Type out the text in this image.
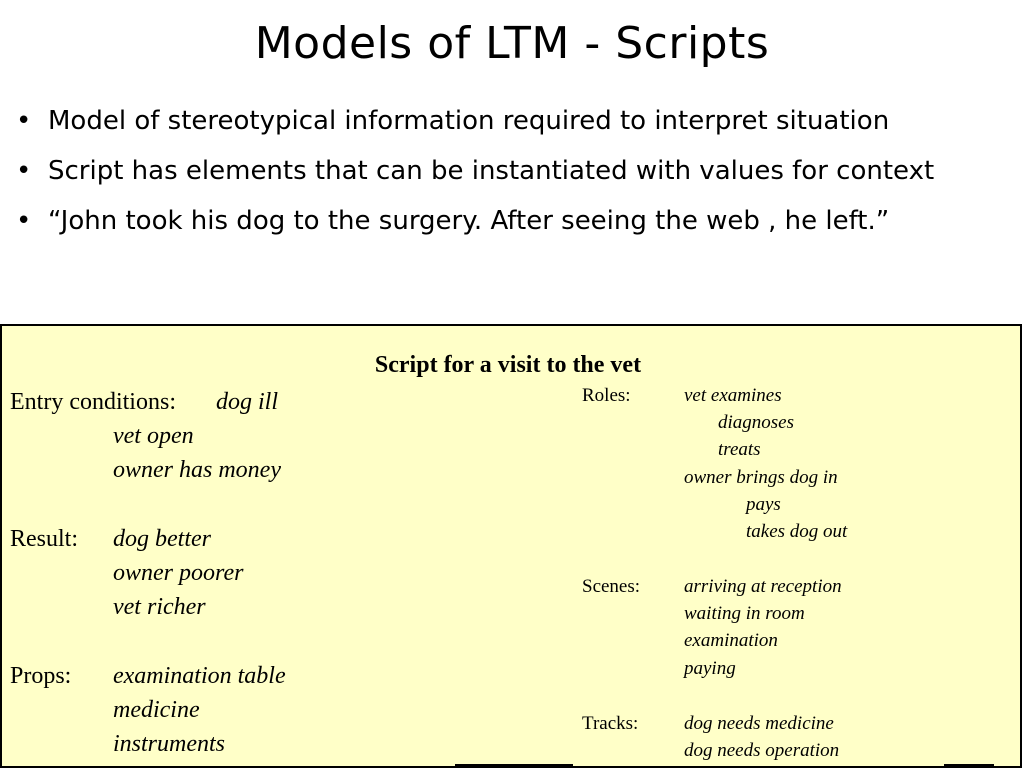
Models of LTM - Scripts
• Model of stereotypical information required to interpret situation
• Script has elements that can be instantiated with values for context
• “John took his dog to the surgery. After seeing the web , he left.”
Script for a visit to the vet
Entry conditions: dog ill
vet open
owner has money
Result: dog better
owner poorer
vet richer
Props: examination table
medicine
instruments
Roles:	vet examines
diagnoses
treats
owner brings dog in
pays
takes dog out
Scenes: arriving at reception
waiting in room
examination
paying
Tracks: dog needs medicine
dog needs operation
